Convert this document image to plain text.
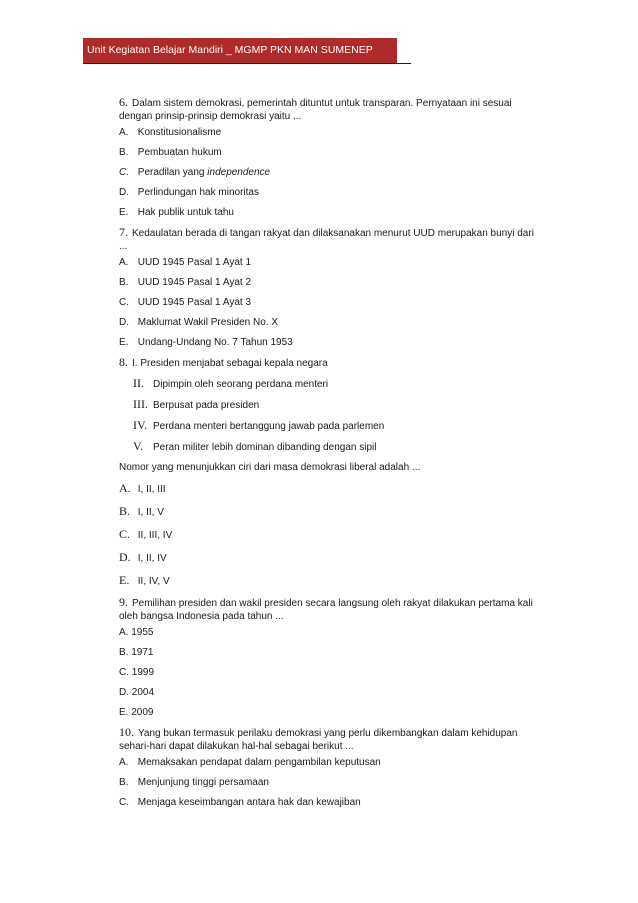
Unit Kegiatan Belajar Mandiri _ MGMP PKN MAN SUMENEP

6. Dalam sistem demokrasi, pemerintah dituntut untuk transparan. Pernyataan ini sesuai dengan prinsip-prinsip demokrasi yaitu ...

A. Konstitusionalisme

B. Pembuatan hukum

C. Peradilan yang independence

D. Perlindungan hak minoritas

E. Hak publik untuk tahu

7. Kedaulatan berada di tangan rakyat dan dilaksanakan menurut UUD merupakan bunyi dari ...

A. UUD 1945 Pasal 1 Ayat 1

B. UUD 1945 Pasal 1 Ayat 2

C. UUD 1945 Pasal 1 Ayat 3

D. Maklumat Wakil Presiden No. X

E. Undang-Undang No. 7 Tahun 1953

8. I. Presiden menjabat sebagai kepala negara

II. Dipimpin oleh seorang perdana menteri

III. Berpusat pada presiden

IV. Perdana menteri bertanggung jawab pada parlemen

V. Peran militer lebih dominan dibanding dengan sipil

Nomor yang menunjukkan ciri dari masa demokrasi liberal adalah ...

A. I, II, III

B. I, II, V

C. II, III, IV

D. I, II, IV

E. II, IV, V

9. Pemilihan presiden dan wakil presiden secara langsung oleh rakyat dilakukan pertama kali oleh bangsa Indonesia pada tahun ...

A. 1955

B. 1971

C. 1999

D. 2004

E. 2009

10. Yang bukan termasuk perilaku demokrasi yang perlu dikembangkan dalam kehidupan sehari-hari dapat dilakukan hal-hal sebagai berikut ...

A. Memaksakan pendapat dalam pengambilan keputusan

B. Menjunjung tinggi persamaan

C. Menjaga keseimbangan antara hak dan kewajiban
